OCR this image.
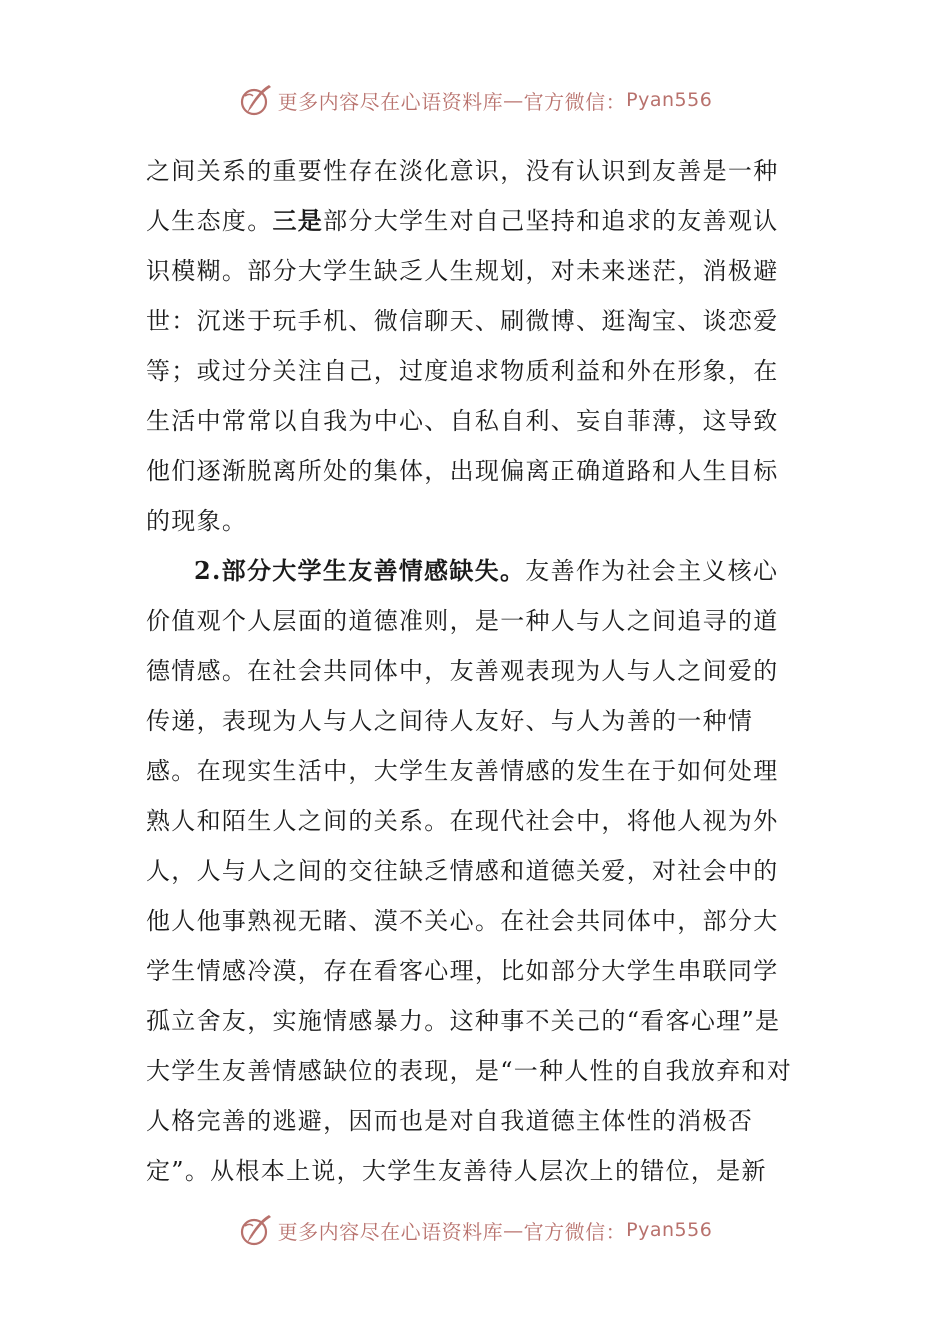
更多内容尽在心语资料库 — 官方微信： Pyan556

之间关系的重要性存在淡化意识，没有认识到友善是一种人生态度。三是部分大学生对自己坚持和追求的友善观认识模糊。部分大学生缺乏人生规划，对未来迷茫，消极避世：沉迷于玩手机、微信聊天、刷微博、逛淘宝、谈恋爱等；或过分关注自己，过度追求物质利益和外在形象，在生活中常常以自我为中心、自私自利、妄自菲薄，这导致他们逐渐脱离所处的集体，出现偏离正确道路和人生目标的现象。

2.部分大学生友善情感缺失。友善作为社会主义核心价值观个人层面的道德准则，是一种人与人之间追寻的道德情感。在社会共同体中，友善观表现为人与人之间爱的传递，表现为人与人之间待人友好、与人为善的一种情感。在现实生活中，大学生友善情感的发生在于如何处理熟人和陌生人之间的关系。在现代社会中，将他人视为外人，人与人之间的交往缺乏情感和道德关爱，对社会中的他人他事熟视无睹、漠不关心。在社会共同体中，部分大学生情感冷漠，存在看客心理，比如部分大学生串联同学孤立舍友，实施情感暴力。这种事不关己的“看客心理”是大学生友善情感缺位的表现，是“一种人性的自我放弃和对人格完善的逃避，因而也是对自我道德主体性的消极否定”。从根本上说，大学生友善待人层次上的错位，是新

更多内容尽在心语资料库 — 官方微信： Pyan556
